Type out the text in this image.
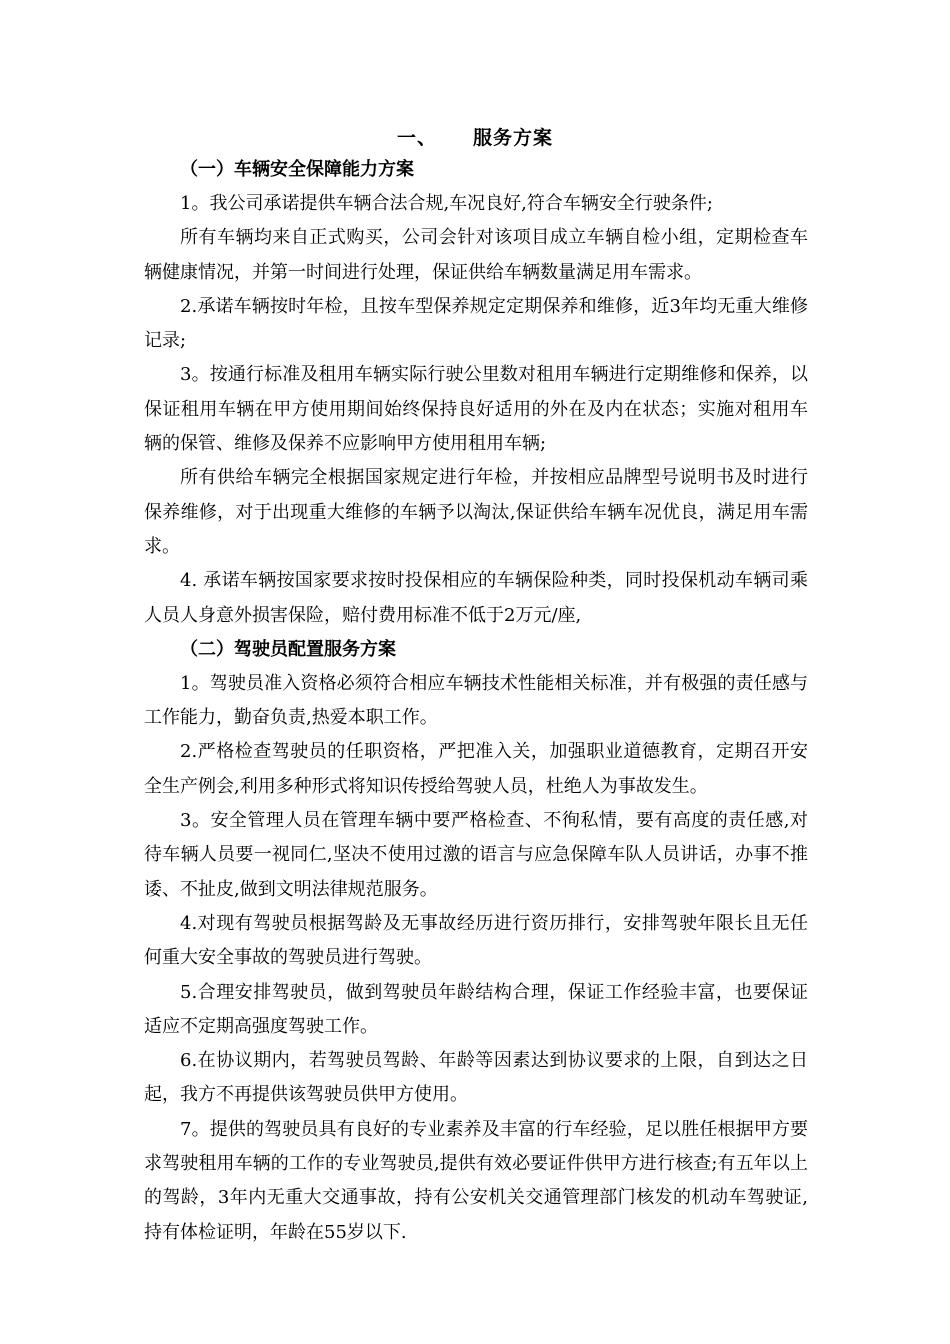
一、 服务方案
（一）车辆安全保障能力方案

1。我公司承诺提供车辆合法合规,车况良好,符合车辆安全行驶条件;

所有车辆均来自正式购买，公司会针对该项目成立车辆自检小组，定期检查车辆健康情况，并第一时间进行处理，保证供给车辆数量满足用车需求。

2.承诺车辆按时年检，且按车型保养规定定期保养和维修，近3年均无重大维修记录;

3。按通行标准及租用车辆实际行驶公里数对租用车辆进行定期维修和保养，以保证租用车辆在甲方使用期间始终保持良好适用的外在及内在状态；实施对租用车辆的保管、维修及保养不应影响甲方使用租用车辆;

所有供给车辆完全根据国家规定进行年检，并按相应品牌型号说明书及时进行保养维修，对于出现重大维修的车辆予以淘汰,保证供给车辆车况优良，满足用车需求。

4. 承诺车辆按国家要求按时投保相应的车辆保险种类，同时投保机动车辆司乘人员人身意外损害保险，赔付费用标准不低于2万元/座,

（二）驾驶员配置服务方案

1。驾驶员准入资格必须符合相应车辆技术性能相关标准，并有极强的责任感与工作能力，勤奋负责,热爱本职工作。

2.严格检查驾驶员的任职资格，严把准入关，加强职业道德教育，定期召开安全生产例会,利用多种形式将知识传授给驾驶人员，杜绝人为事故发生。

3。安全管理人员在管理车辆中要严格检查、不徇私情，要有高度的责任感,对待车辆人员要一视同仁,坚决不使用过激的语言与应急保障车队人员讲话，办事不推诿、不扯皮,做到文明法律规范服务。

4.对现有驾驶员根据驾龄及无事故经历进行资历排行，安排驾驶年限长且无任何重大安全事故的驾驶员进行驾驶。

5.合理安排驾驶员，做到驾驶员年龄结构合理，保证工作经验丰富，也要保证适应不定期高强度驾驶工作。

6.在协议期内，若驾驶员驾龄、年龄等因素达到协议要求的上限，自到达之日起，我方不再提供该驾驶员供甲方使用。

7。提供的驾驶员具有良好的专业素养及丰富的行车经验，足以胜任根据甲方要求驾驶租用车辆的工作的专业驾驶员,提供有效必要证件供甲方进行核查;有五年以上的驾龄，3年内无重大交通事故，持有公安机关交通管理部门核发的机动车驾驶证,持有体检证明，年龄在55岁以下.
